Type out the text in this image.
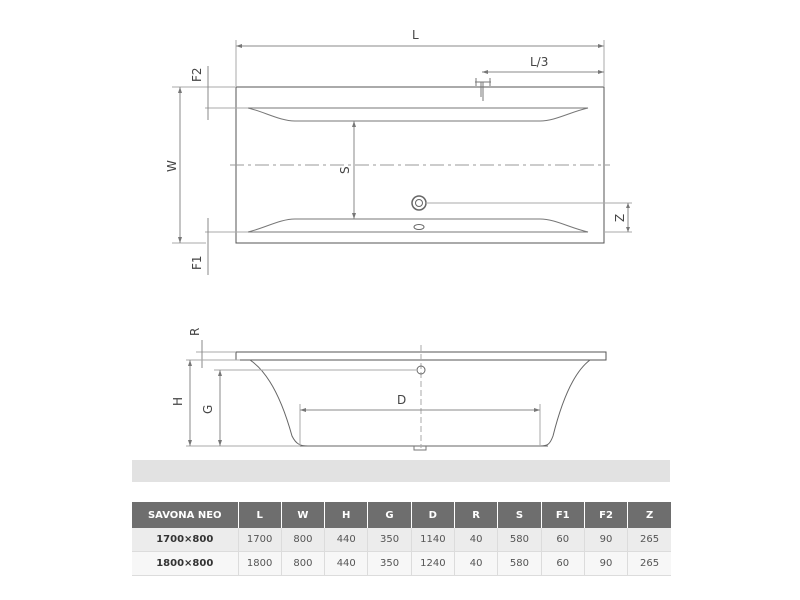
L
L/3
F2
W	S
Z
F1
R
H
G
D
SAVONA NEO	L	W	H	G	D	R	S	F1	F2	Z
1700×800	1700	800	440	350	1140	40	580	60	90	265
1800×800	1800	800	440	350	1240	40	580	60	90	265
